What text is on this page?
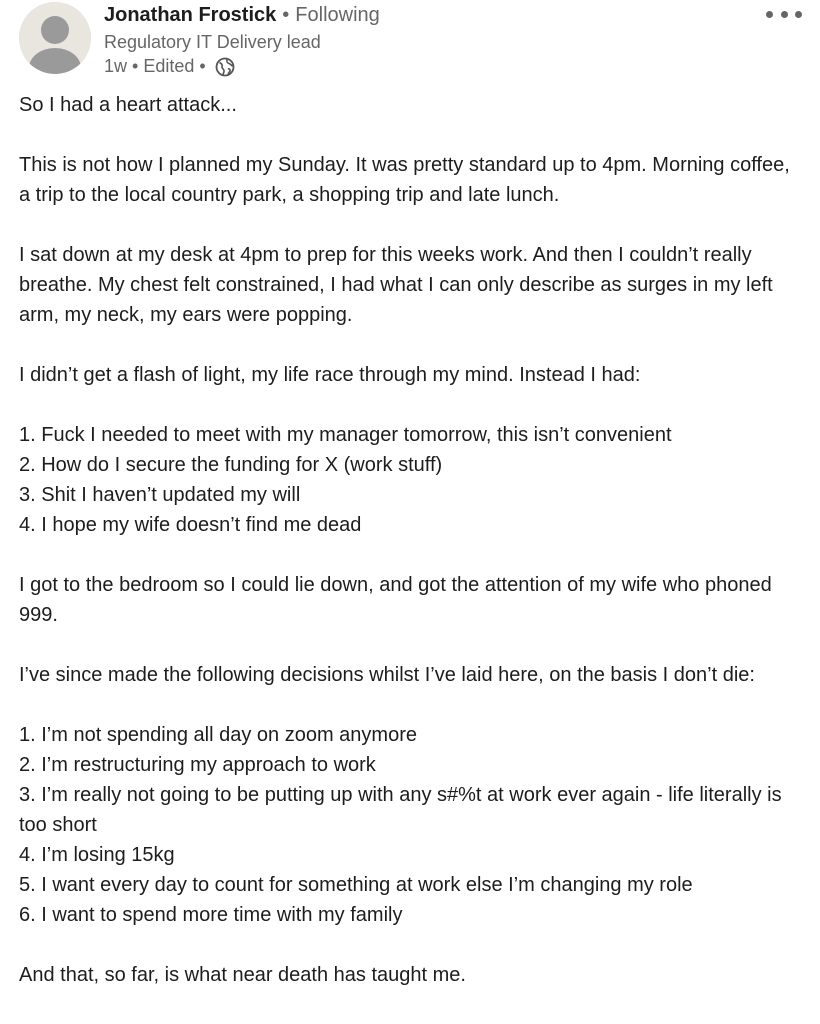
Jonathan Frostick • Following
Regulatory IT Delivery lead
1w • Edited •

So I had a heart attack...

This is not how I planned my Sunday. It was pretty standard up to 4pm. Morning coffee, a trip to the local country park, a shopping trip and late lunch.

I sat down at my desk at 4pm to prep for this weeks work. And then I couldn’t really breathe. My chest felt constrained, I had what I can only describe as surges in my left arm, my neck, my ears were popping.

I didn’t get a flash of light, my life race through my mind. Instead I had:

1. Fuck I needed to meet with my manager tomorrow, this isn’t convenient
2. How do I secure the funding for X (work stuff)
3. Shit I haven’t updated my will
4. I hope my wife doesn’t find me dead

I got to the bedroom so I could lie down, and got the attention of my wife who phoned 999.

I’ve since made the following decisions whilst I’ve laid here, on the basis I don’t die:

1. I’m not spending all day on zoom anymore
2. I’m restructuring my approach to work
3. I’m really not going to be putting up with any s#%t at work ever again - life literally is too short
4. I’m losing 15kg
5. I want every day to count for something at work else I’m changing my role
6. I want to spend more time with my family

And that, so far, is what near death has taught me.
